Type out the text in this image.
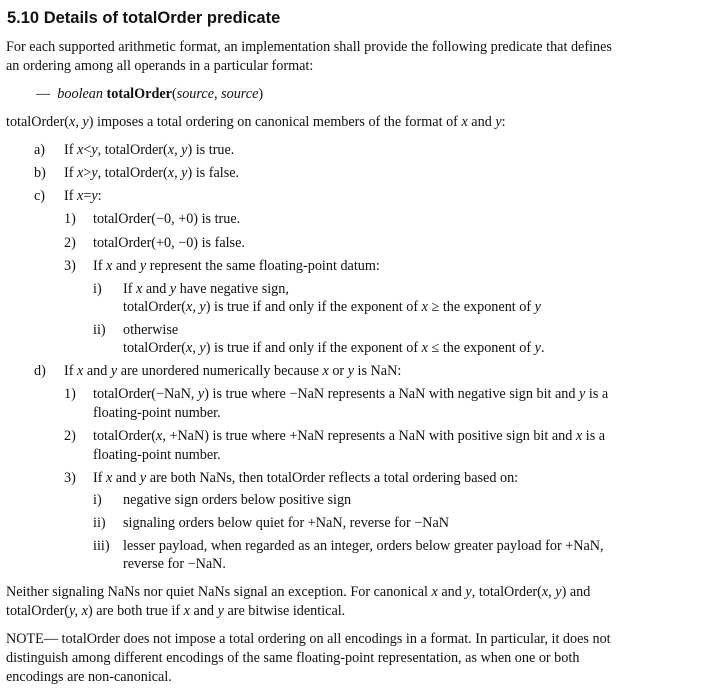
5.10 Details of totalOrder predicate
For each supported arithmetic format, an implementation shall provide the following predicate that defines
an ordering among all operands in a particular format:
— boolean totalOrder(source, source)
totalOrder(x, y) imposes a total ordering on canonical members of the format of x and y:
a) If x<y, totalOrder(x, y) is true.
b) If x>y, totalOrder(x, y) is false.
c) If x=y:
1) totalOrder(−0, +0) is true.
2) totalOrder(+0, −0) is false.
3) If x and y represent the same floating-point datum:
i) If x and y have negative sign,
totalOrder(x, y) is true if and only if the exponent of x ≥ the exponent of y
ii) otherwise
totalOrder(x, y) is true if and only if the exponent of x ≤ the exponent of y.
d) If x and y are unordered numerically because x or y is NaN:
1) totalOrder(−NaN, y) is true where −NaN represents a NaN with negative sign bit and y is a
floating-point number.
2) totalOrder(x, +NaN) is true where +NaN represents a NaN with positive sign bit and x is a
floating-point number.
3) If x and y are both NaNs, then totalOrder reflects a total ordering based on:
i) negative sign orders below positive sign
ii) signaling orders below quiet for +NaN, reverse for −NaN
iii) lesser payload, when regarded as an integer, orders below greater payload for +NaN,
reverse for −NaN.
Neither signaling NaNs nor quiet NaNs signal an exception. For canonical x and y, totalOrder(x, y) and
totalOrder(y, x) are both true if x and y are bitwise identical.
NOTE— totalOrder does not impose a total ordering on all encodings in a format. In particular, it does not
distinguish among different encodings of the same floating-point representation, as when one or both
encodings are non-canonical.
